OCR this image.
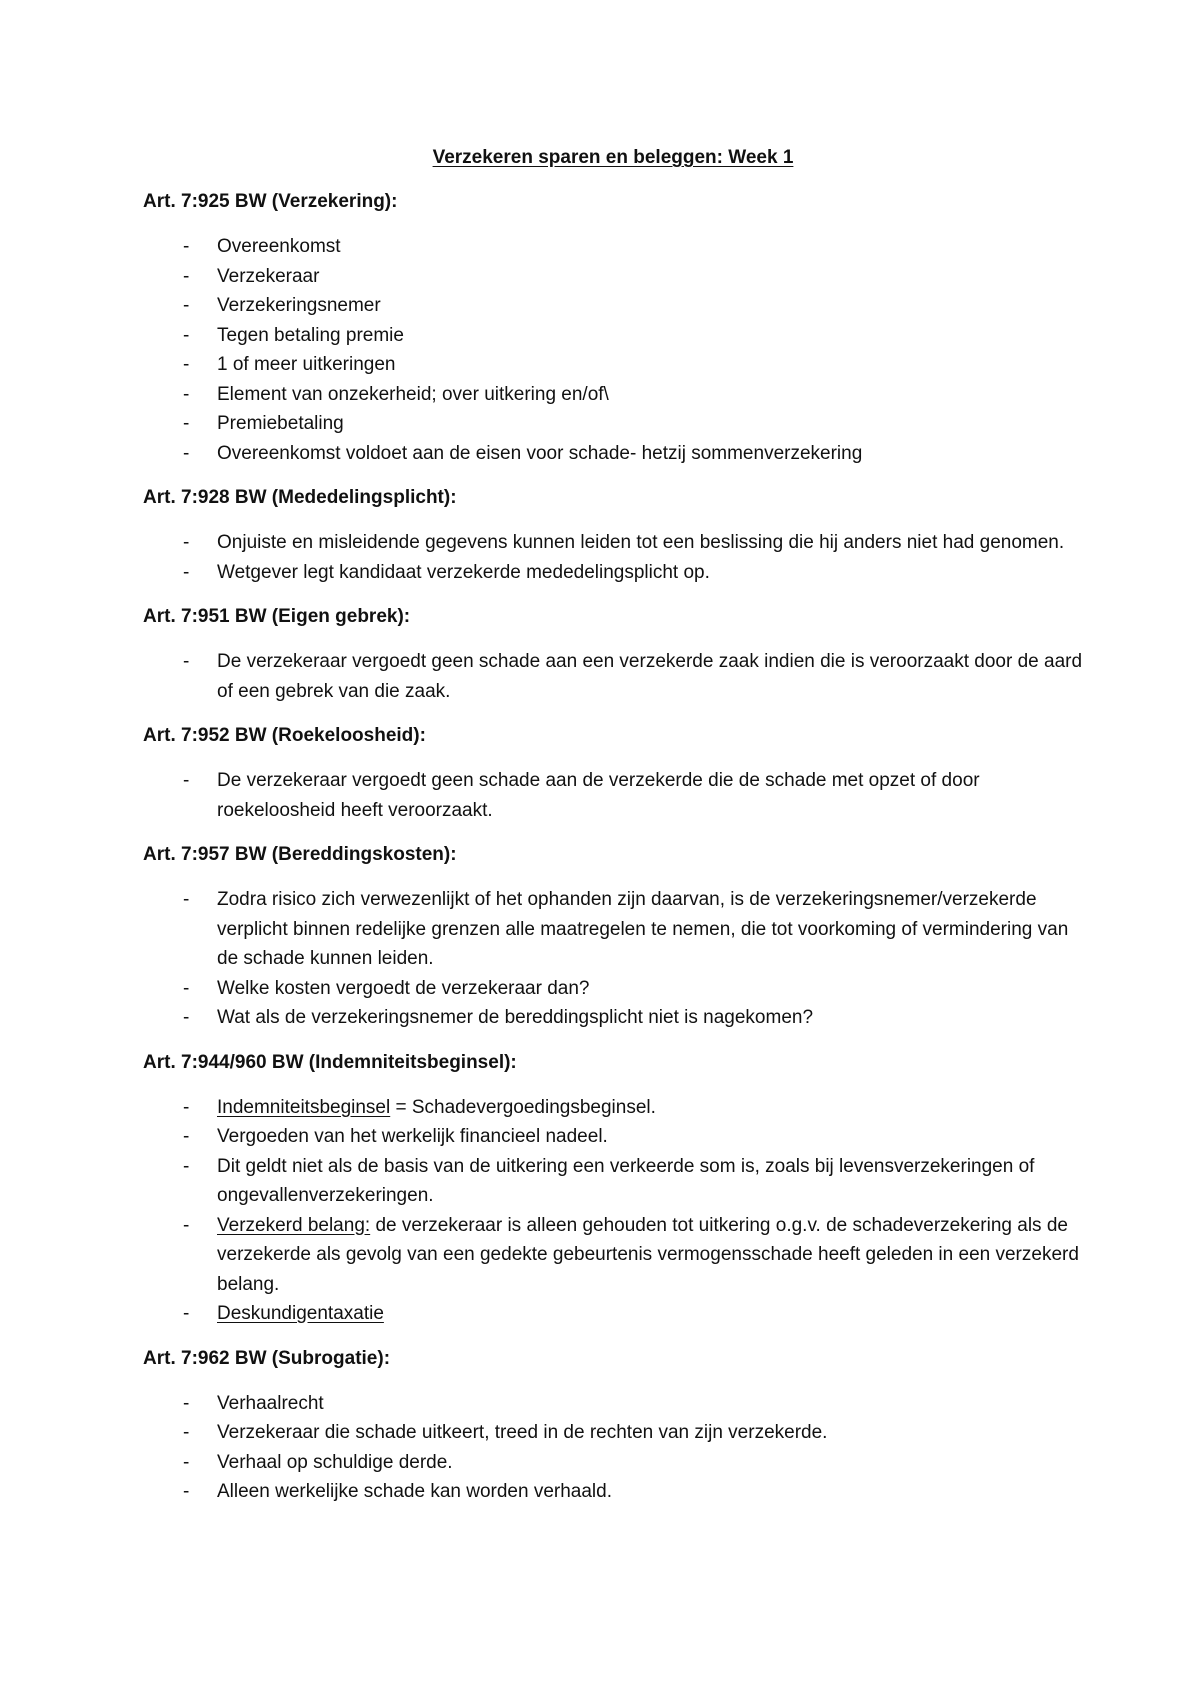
Verzekeren sparen en beleggen: Week 1
Art. 7:925 BW (Verzekering):
- Overeenkomst
- Verzekeraar
- Verzekeringsnemer
- Tegen betaling premie
- 1 of meer uitkeringen
- Element van onzekerheid; over uitkering en/of\
- Premiebetaling
- Overeenkomst voldoet aan de eisen voor schade- hetzij sommenverzekering
Art. 7:928 BW (Mededelingsplicht):
- Onjuiste en misleidende gegevens kunnen leiden tot een beslissing die hij anders niet had genomen.
- Wetgever legt kandidaat verzekerde mededelingsplicht op.
Art. 7:951 BW (Eigen gebrek):
- De verzekeraar vergoedt geen schade aan een verzekerde zaak indien die is veroorzaakt door de aard of een gebrek van die zaak.
Art. 7:952 BW (Roekeloosheid):
- De verzekeraar vergoedt geen schade aan de verzekerde die de schade met opzet of door roekeloosheid heeft veroorzaakt.
Art. 7:957 BW (Bereddingskosten):
- Zodra risico zich verwezenlijkt of het ophanden zijn daarvan, is de verzekeringsnemer/verzekerde verplicht binnen redelijke grenzen alle maatregelen te nemen, die tot voorkoming of vermindering van de schade kunnen leiden.
- Welke kosten vergoedt de verzekeraar dan?
- Wat als de verzekeringsnemer de bereddingsplicht niet is nagekomen?
Art. 7:944/960 BW (Indemniteitsbeginsel):
- Indemniteitsbeginsel = Schadevergoedingsbeginsel.
- Vergoeden van het werkelijk financieel nadeel.
- Dit geldt niet als de basis van de uitkering een verkeerde som is, zoals bij levensverzekeringen of ongevallenverzekeringen.
- Verzekerd belang: de verzekeraar is alleen gehouden tot uitkering o.g.v. de schadeverzekering als de verzekerde als gevolg van een gedekte gebeurtenis vermogensschade heeft geleden in een verzekerd belang.
- Deskundigentaxatie
Art. 7:962 BW (Subrogatie):
- Verhaalrecht
- Verzekeraar die schade uitkeert, treed in de rechten van zijn verzekerde.
- Verhaal op schuldige derde.
- Alleen werkelijke schade kan worden verhaald.
